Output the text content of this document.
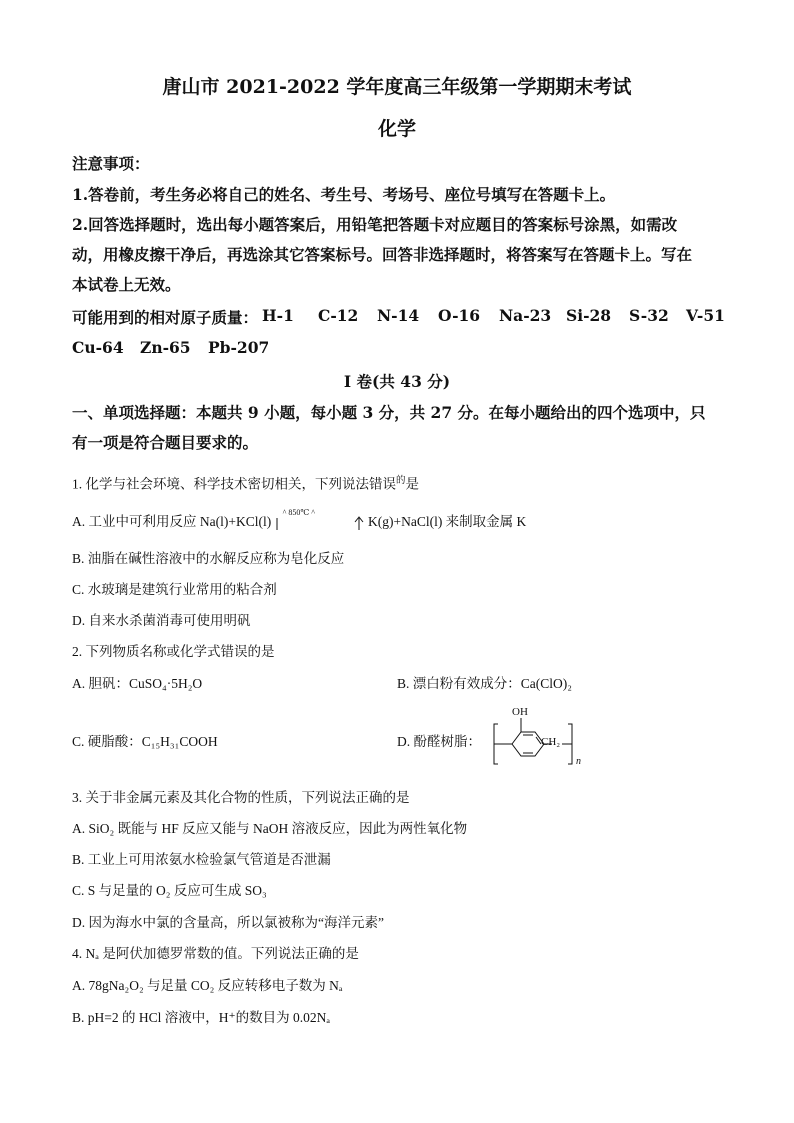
唐山市 2021-2022 学年度高三年级第一学期期末考试
化学
注意事项：
1.答卷前，考生务必将自己的姓名、考生号、考场号、座位号填写在答题卡上。
2.回答选择题时，选出每小题答案后，用铅笔把答题卡对应题目的答案标号涂黑，如需改
动，用橡皮擦干净后，再选涂其它答案标号。回答非选择题时，将答案写在答题卡上。写在
本试卷上无效。
可能用到的相对原子质量： H-1 C-12 N-14 O-16 Na-23 Si-28 S-32 V-51
Cu-64 Zn-65 Pb-207
I 卷(共 43 分)
一、单项选择题：本题共 9 小题，每小题 3 分，共 27 分。在每小题给出的四个选项中，只
有一项是符合题目要求的。
1. 化学与社会环境、科学技术密切相关，下列说法错误$^的$是
A. 工业中可利用反应 Na(l)+KCl(l)
^ 850℃ ^
K(g)+NaCl(l) 来制取金属 K
B. 油脂在碱性溶液中的水解反应称为皂化反应
C. 水玻璃是建筑行业常用的粘合剂
D. 自来水杀菌消毒可使用明矾
2. 下列物质名称或化学式错误的是
A. 胆矾：CuSO₄·5H₂O	B. 漂白粉有效成分：Ca(ClO)₂
C. 硬脂酸：C₁₅H₃₁COOH	D. 酚醛树脂：
OH
CH₂
n
3. 关于非金属元素及其化合物的性质，下列说法正确的是
A. SiO₂ 既能与 HF 反应又能与 NaOH 溶液反应，因此为两性氧化物
B. 工业上可用浓氨水检验氯气管道是否泄漏
C. S 与足量的 O₂ 反应可生成 SO₃
D. 因为海水中氯的含量高，所以氯被称为“海洋元素”
4. Nₐ 是阿伏加德罗常数的值。下列说法正确的是
A. 78gNa₂O₂ 与足量 CO₂ 反应转移电子数为 Nₐ
B. pH=2 的 HCl 溶液中，H⁺的数目为 0.02Nₐ
